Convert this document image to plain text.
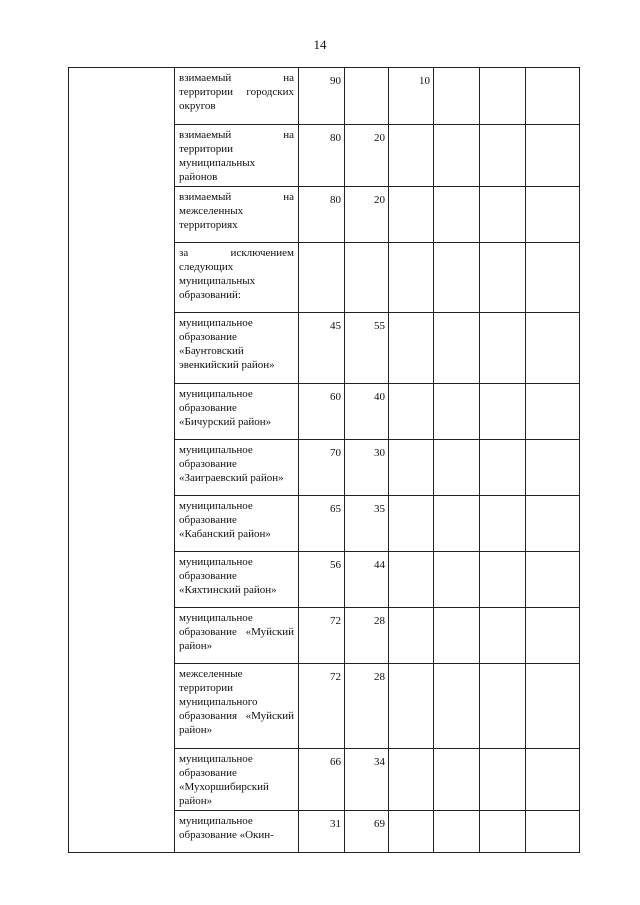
14
	взимаемый на территории городских округов	90		10			
	взимаемый на территории муниципальных районов	80	20				
	взимаемый на межселенных территориях	80	20				
	за исключением следующих муниципальных образований:						
	муниципальное образование «Баунтовский эвенкийский район»	45	55				
	муниципальное образование «Бичурский район»	60	40				
	муниципальное образование «Заиграевский район»	70	30				
	муниципальное образование «Кабанский район»	65	35				
	муниципальное образование «Кяхтинский район»	56	44				
	муниципальное образование «Муйский район»	72	28				
	межселенные территории муниципального образования «Муйский район»	72	28				
	муниципальное образование «Мухоршибирский район»	66	34				
	муниципальное образование «Окин-	31	69				
